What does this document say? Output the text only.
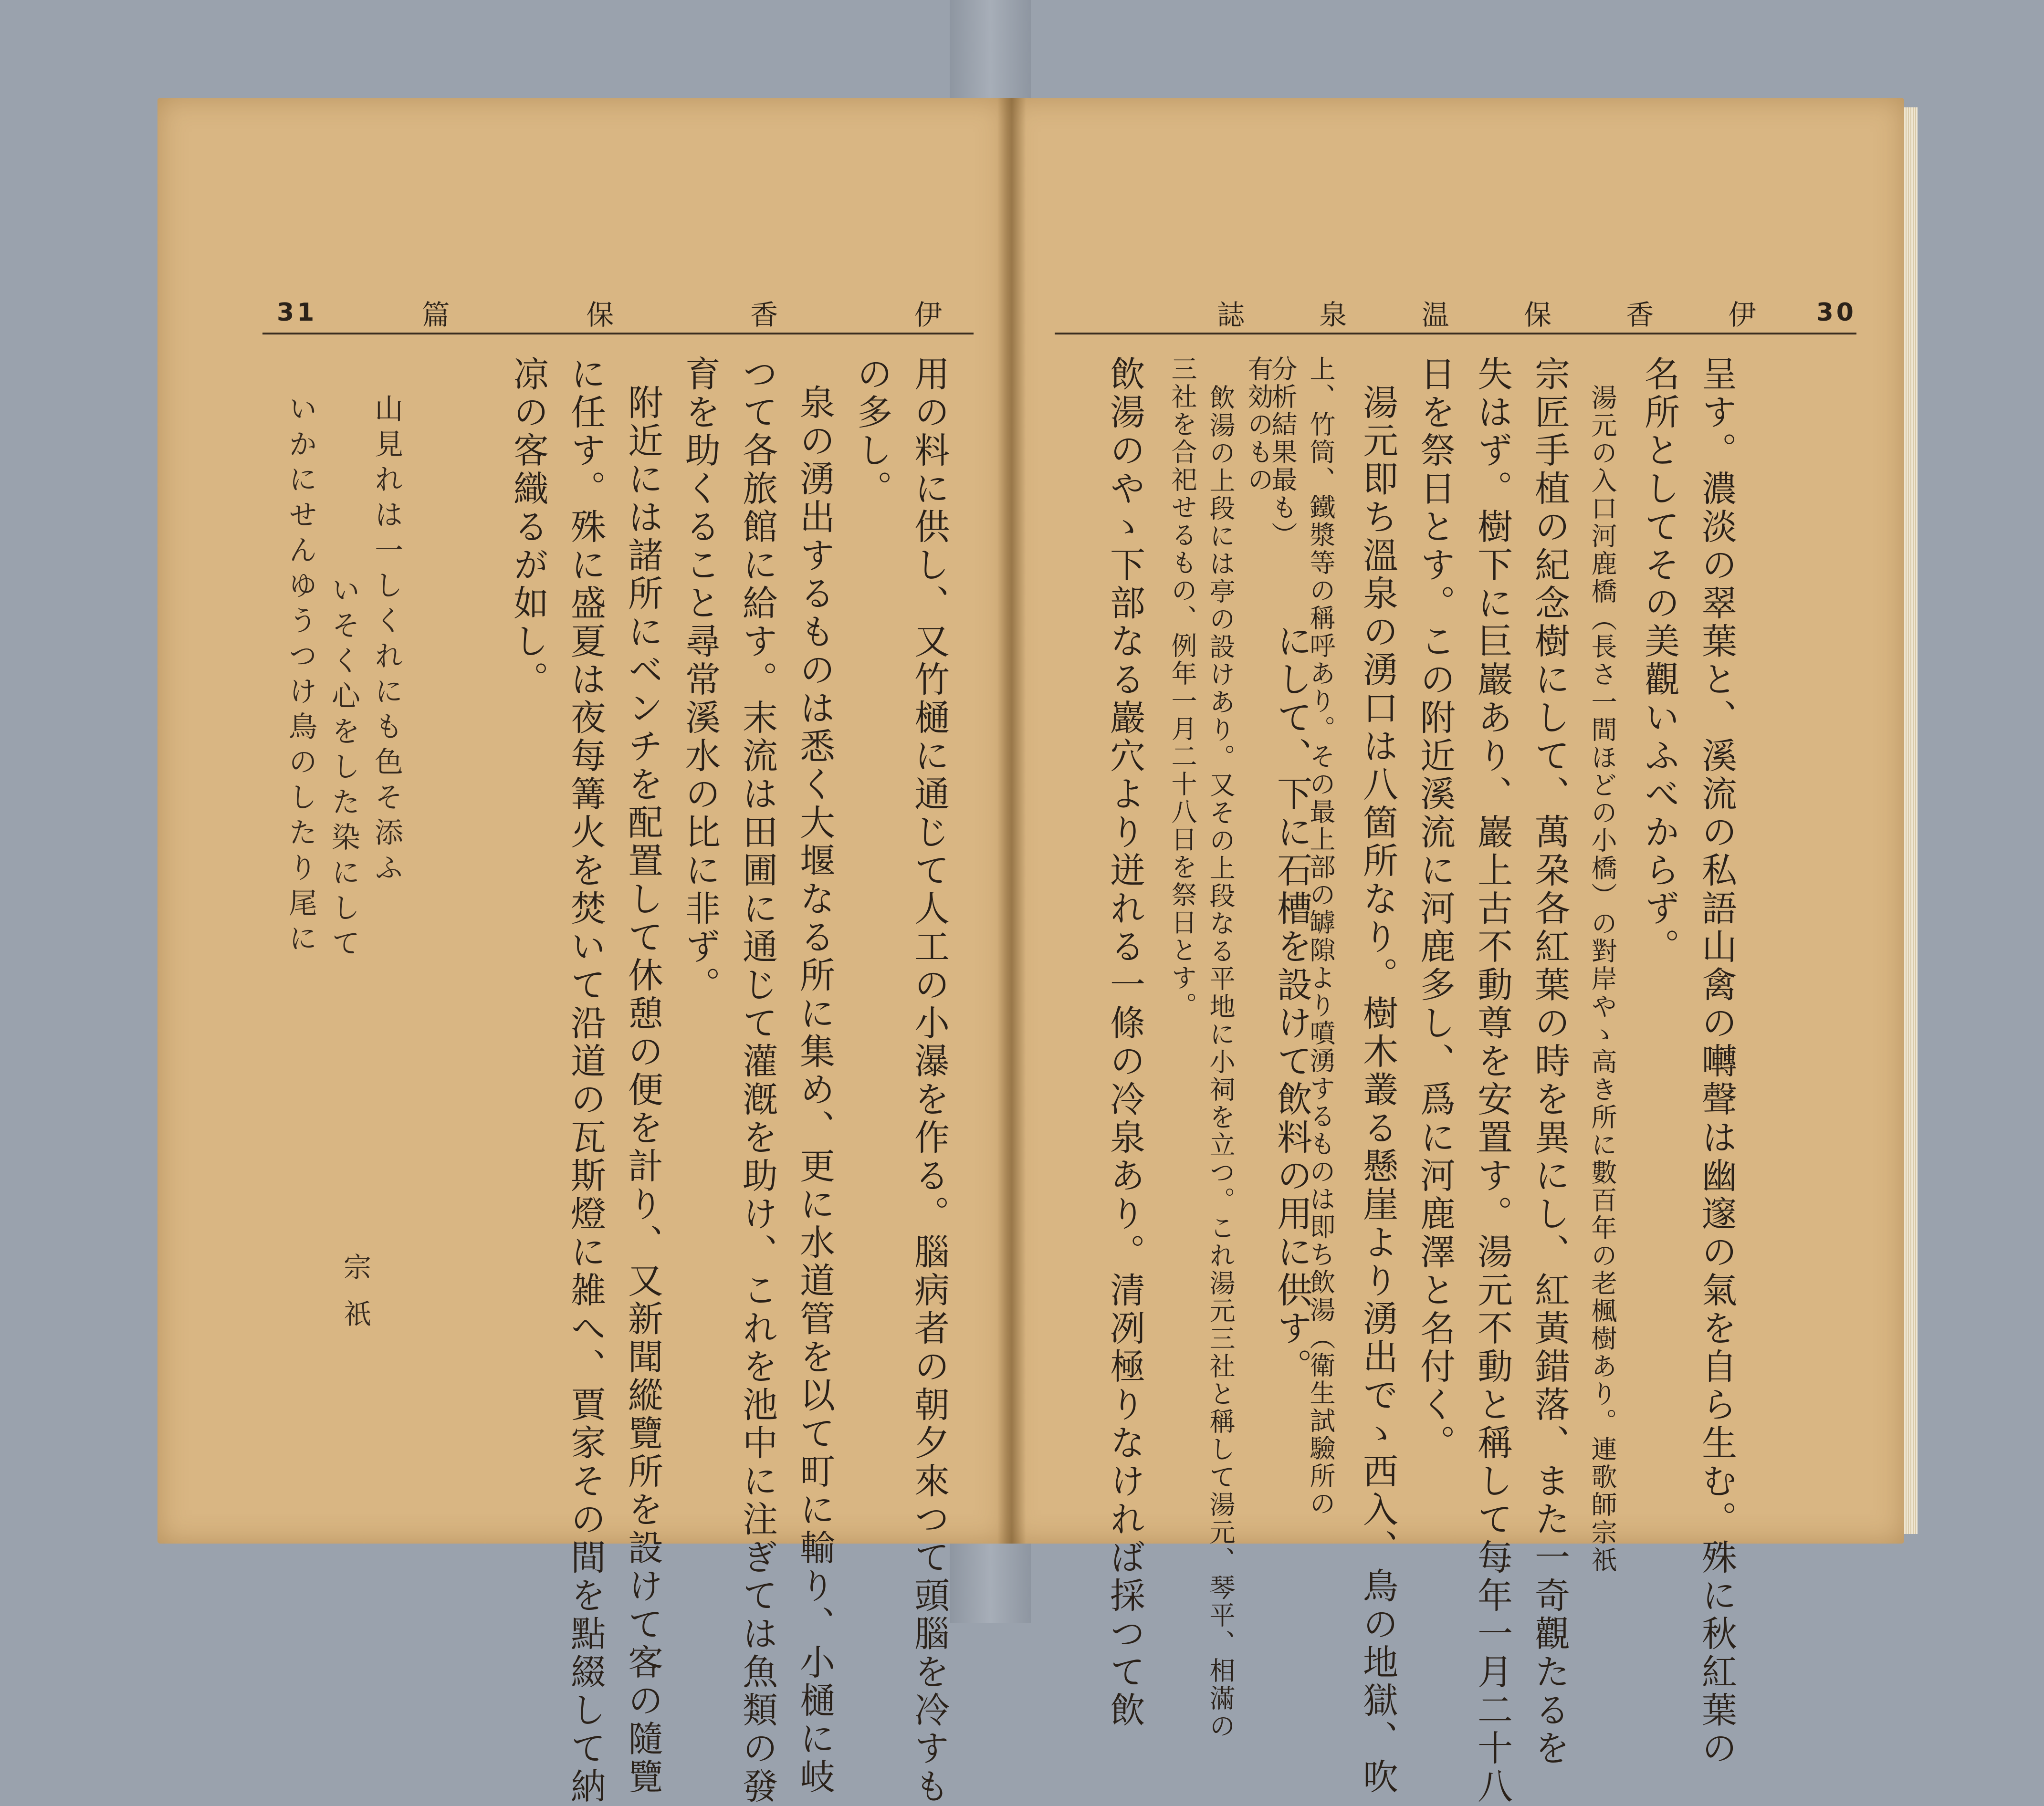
31	伊
香
保
篇
用の料に供し、又竹樋に通じて人工の小瀑を作る。腦病者の朝夕來つて頭腦を冷すも
の多し。
泉の湧出するものは悉く大堰なる所に集め、更に水道管を以て町に輸り、小樋に岐
つて各旅館に給す。末流は田圃に通じて灌漑を助け、これを池中に注ぎては魚類の發
育を助くること尋常溪水の比に非ず。
附近には諸所にベンチを配置して休憩の便を計り、又新聞縱覽所を設けて客の隨覽
に任す。殊に盛夏は夜每篝火を焚いて沿道の瓦斯燈に雑へ、賈家その間を點綴して納
凉の客織るが如し。
山見れは一しくれにも色そ添ふ
いそく心をした染にして
いかにせんゆうつけ鳥のしたり尾に
宗祇
伊
香
保
温
泉
誌	30
呈す。濃淡の翠葉と、溪流の私語山禽の囀聲は幽邃の氣を自ら生む。殊に秋紅葉の
名所としてその美觀いふべからず。
湯元の入口河鹿橋（長さ一間ほどの小橋）の對岸やゝ高き所に數百年の老楓樹あり。連歌師宗祇
宗匠手植の紀念樹にして、萬朶各紅葉の時を異にし、紅黃錯落、また一奇觀たるを
失はず。樹下に巨巖あり、巖上古不動尊を安置す。湯元不動と稱して每年一月二十八
日を祭日とす。この附近溪流に河鹿多し、爲に河鹿澤と名付く。
湯元即ち溫泉の湧口は八箇所なり。樹木叢る懸崖より湧出でゝ西入、鳥の地獄、吹
上、竹筒、鐵漿等の稱呼あり。その最上部の罅隙より噴湧するものは即ち飲湯（衛生試驗所の
分析結果最も）
有効のもの
にして、下に石槽を設けて飲料の用に供す。
飲湯の上段には亭の設けあり。又その上段なる平地に小祠を立つ。これ湯元三社と稱して湯元、琴平、相滿の
三社を合祀せるもの、例年一月二十八日を祭日とす。
飲湯のやゝ下部なる巖穴より迸れる一條の冷泉あり。清冽極りなければ採つて飲
